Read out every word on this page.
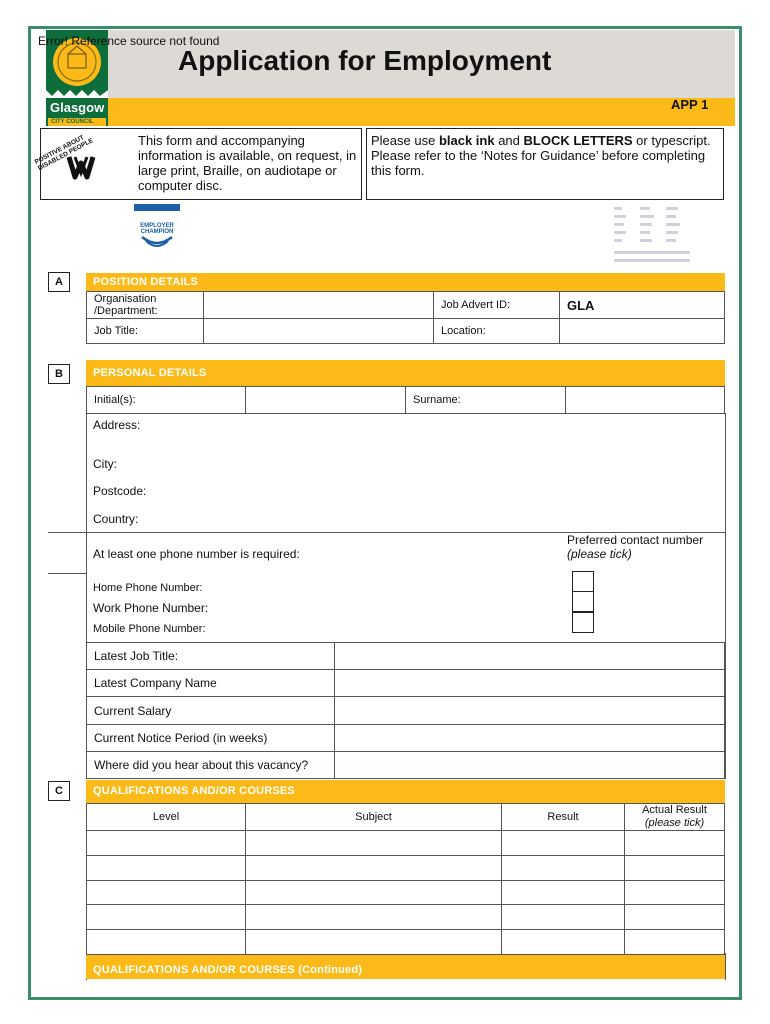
Glasgow
CITY COUNCIL
Error! Reference source not found
Application for Employment
APP 1
POSITIVE ABOUT DISABLED PEOPLE	This form and accompanying information is available, on request, in large print, Braille, on audiotape or computer disc.
Please use black ink and BLOCK LETTERS or typescript. Please refer to the ‘Notes for Guidance’ before completing this form.
EMPLOYER
CHAMPION
A	POSITION DETAILS
Organisation /Department:		Job Advert ID:	GLA
Job Title:		Location:	
B	PERSONAL DETAILS
Initial(s):		Surname:	
Address:
City:
Postcode:
Country:
At least one phone number is required:
Preferred contact number
(please tick)
Home Phone Number:
Work Phone Number:
Mobile Phone Number:
Latest Job Title:	
Latest Company Name	
Current Salary	
Current Notice Period (in weeks)	
Where did you hear about this vacancy?	
C	QUALIFICATIONS AND/OR COURSES
Level	Subject	Result	Actual Result
(please tick)

QUALIFICATIONS AND/OR COURSES (Continued)
